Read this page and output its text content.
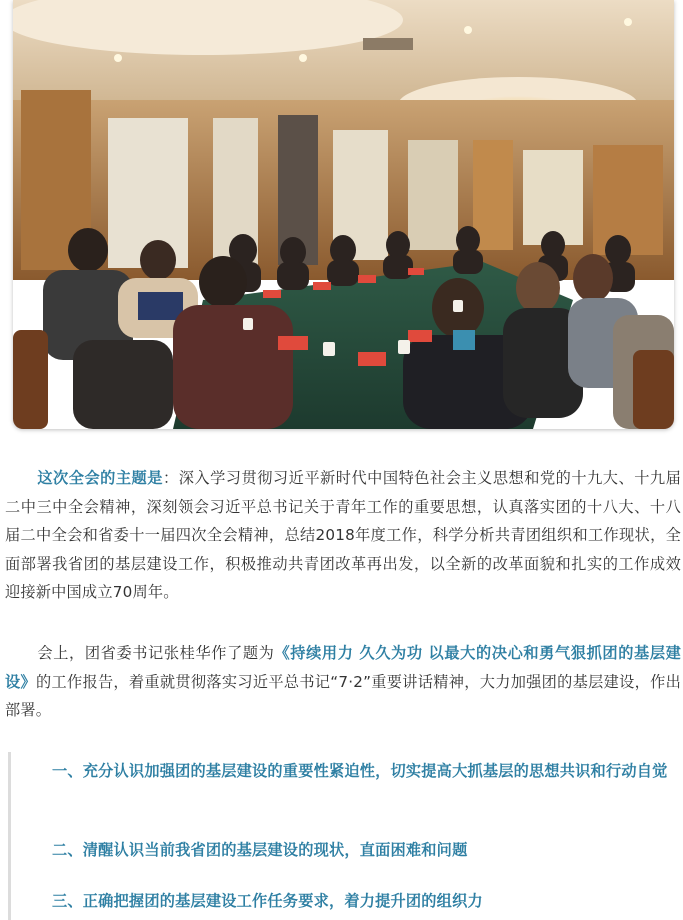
这次全会的主题是：深入学习贯彻习近平新时代中国特色社会主义思想和党的十九大、十九届二中三中全会精神，深刻领会习近平总书记关于青年工作的重要思想，认真落实团的十八大、十八届二中全会和省委十一届四次全会精神，总结2018年度工作，科学分析共青团组织和工作现状，全面部署我省团的基层建设工作，积极推动共青团改革再出发，以全新的改革面貌和扎实的工作成效迎接新中国成立70周年。

会上，团省委书记张桂华作了题为《持续用力 久久为功 以最大的决心和勇气狠抓团的基层建设》的工作报告，着重就贯彻落实习近平总书记“7·2”重要讲话精神，大力加强团的基层建设，作出部署。

一、充分认识加强团的基层建设的重要性紧迫性，切实提高大抓基层的思想共识和行动自觉

二、清醒认识当前我省团的基层建设的现状，直面困难和问题

三、正确把握团的基层建设工作任务要求，着力提升团的组织力
